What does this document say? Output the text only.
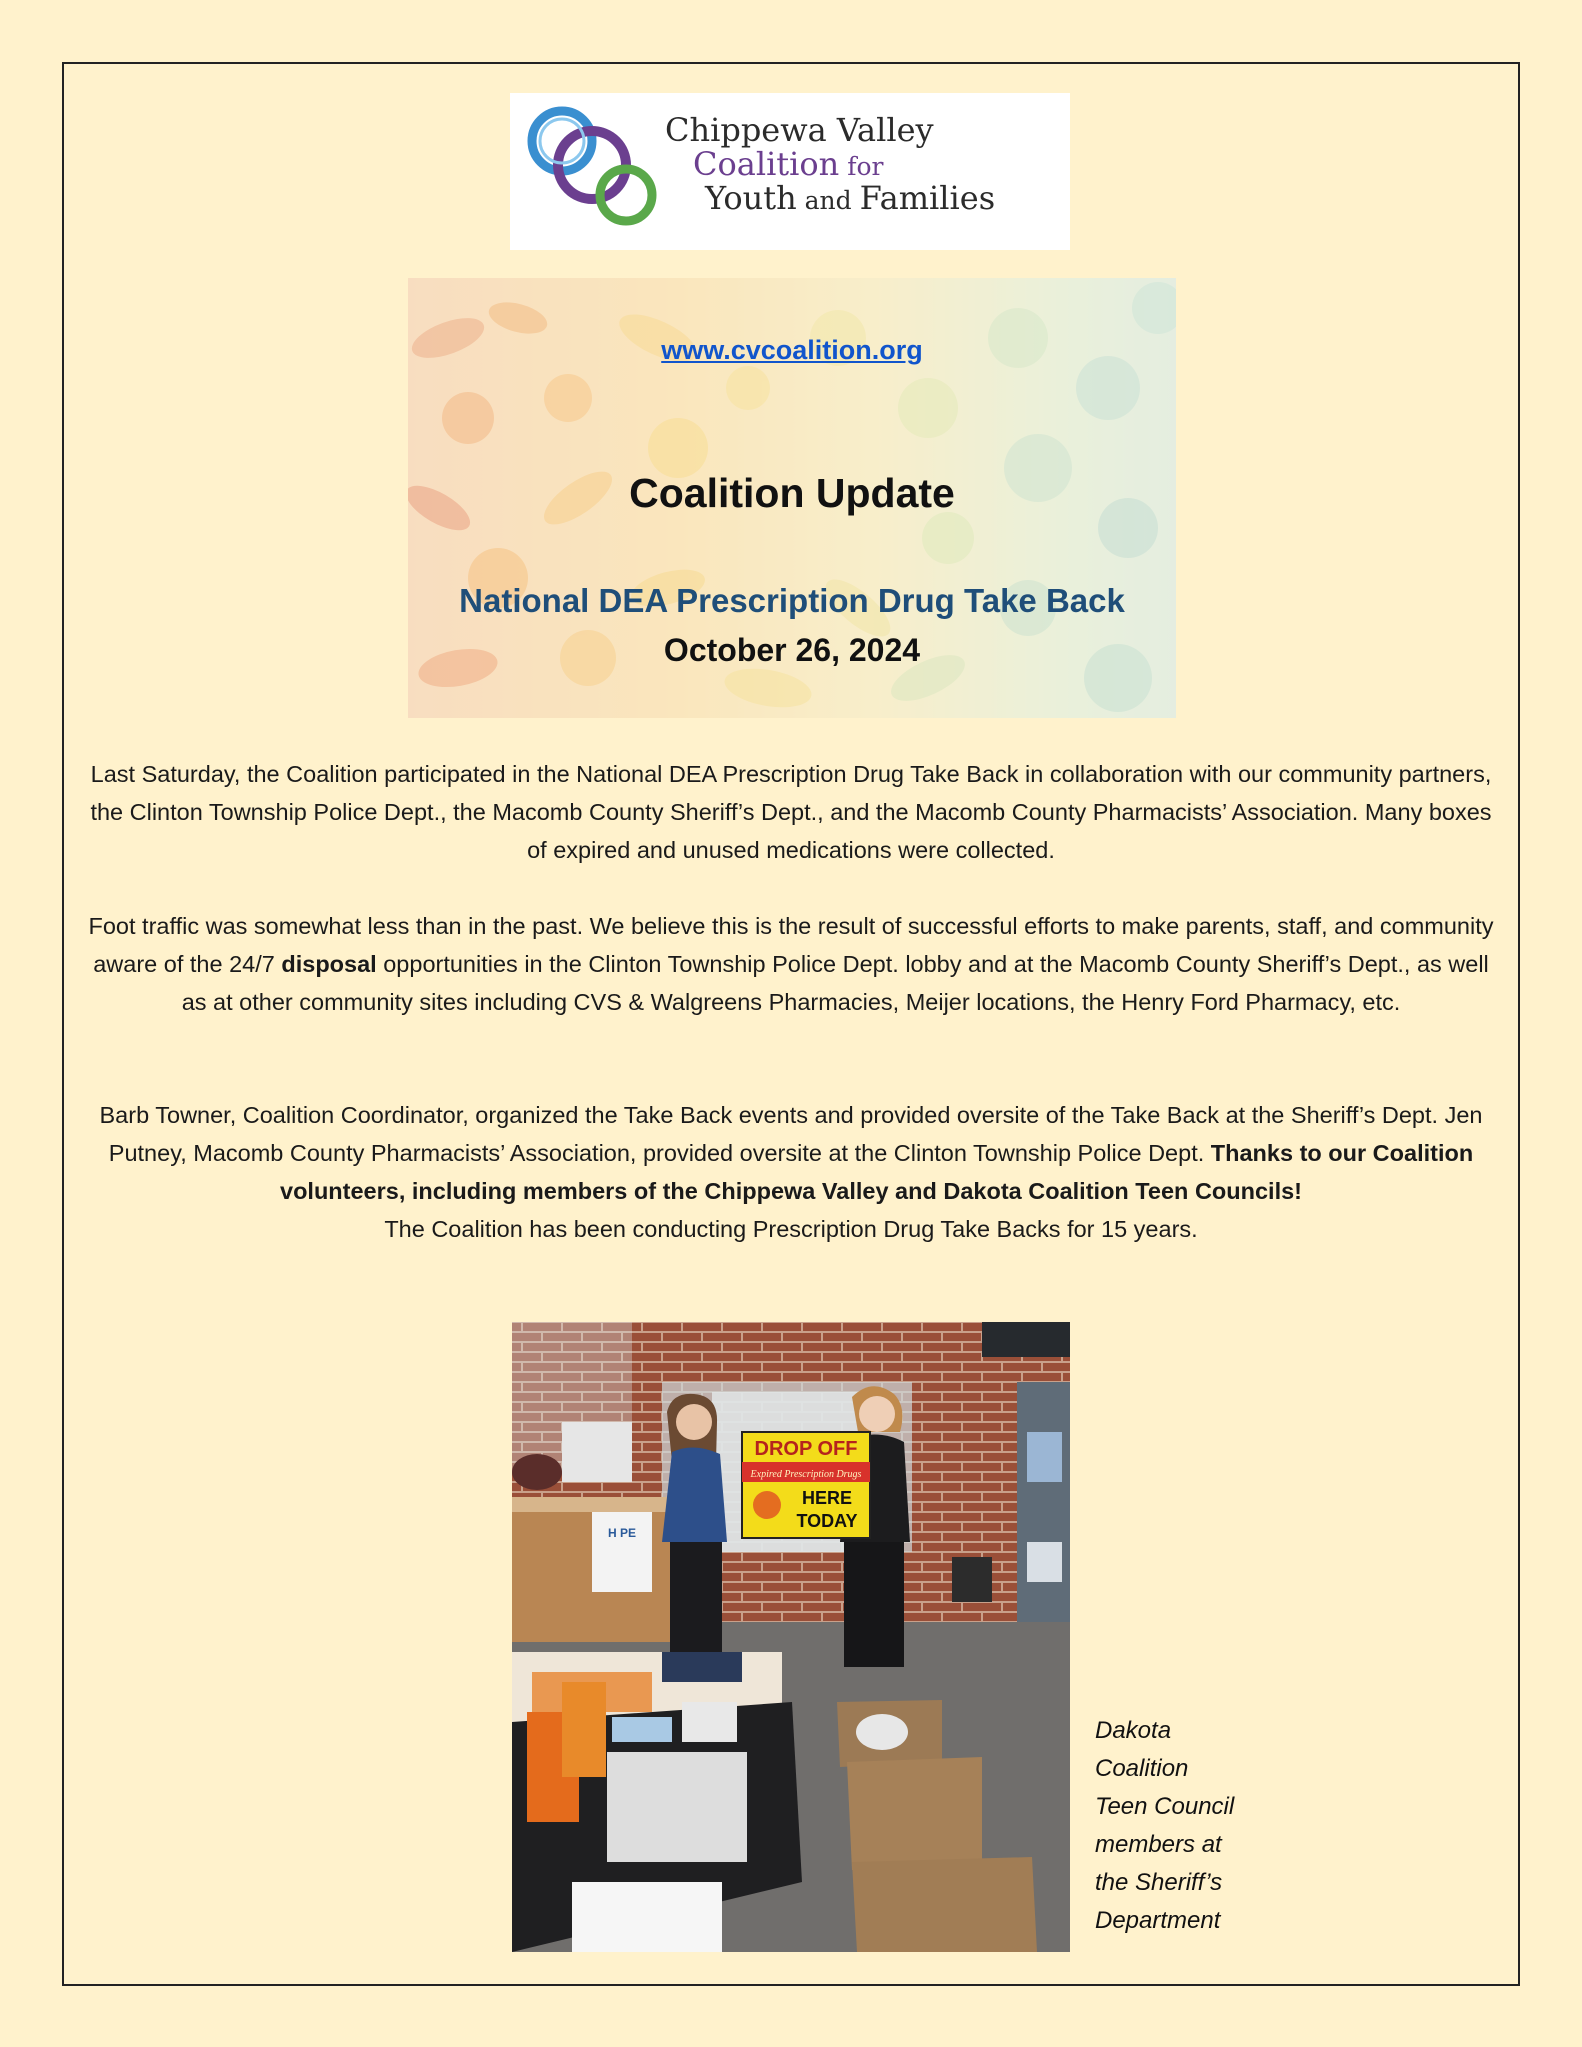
Chippewa Valley
Coalition for
Youth and Families
www.cvcoalition.org
Coalition Update
National DEA Prescription Drug Take Back
October 26, 2024
Last Saturday, the Coalition participated in the National DEA Prescription Drug Take Back in collaboration with our community partners, the Clinton Township Police Dept., the Macomb County Sheriff’s Dept., and the Macomb County Pharmacists’ Association. Many boxes of expired and unused medications were collected.
Foot traffic was somewhat less than in the past. We believe this is the result of successful efforts to make parents, staff, and community aware of the 24/7 disposal opportunities in the Clinton Township Police Dept. lobby and at the Macomb County Sheriff’s Dept., as well as at other community sites including CVS & Walgreens Pharmacies, Meijer locations, the Henry Ford Pharmacy, etc.
Barb Towner, Coalition Coordinator, organized the Take Back events and provided oversite of the Take Back at the Sheriff’s Dept. Jen Putney, Macomb County Pharmacists’ Association, provided oversite at the Clinton Township Police Dept. Thanks to our Coalition volunteers, including members of the Chippewa Valley and Dakota Coalition Teen Councils!
The Coalition has been conducting Prescription Drug Take Backs for 15 years.
DROP OFF
Expired Prescription Drugs
HERE
TODAY
H PE
Dakota
Coalition
Teen Council
members at
the Sheriff’s
Department
